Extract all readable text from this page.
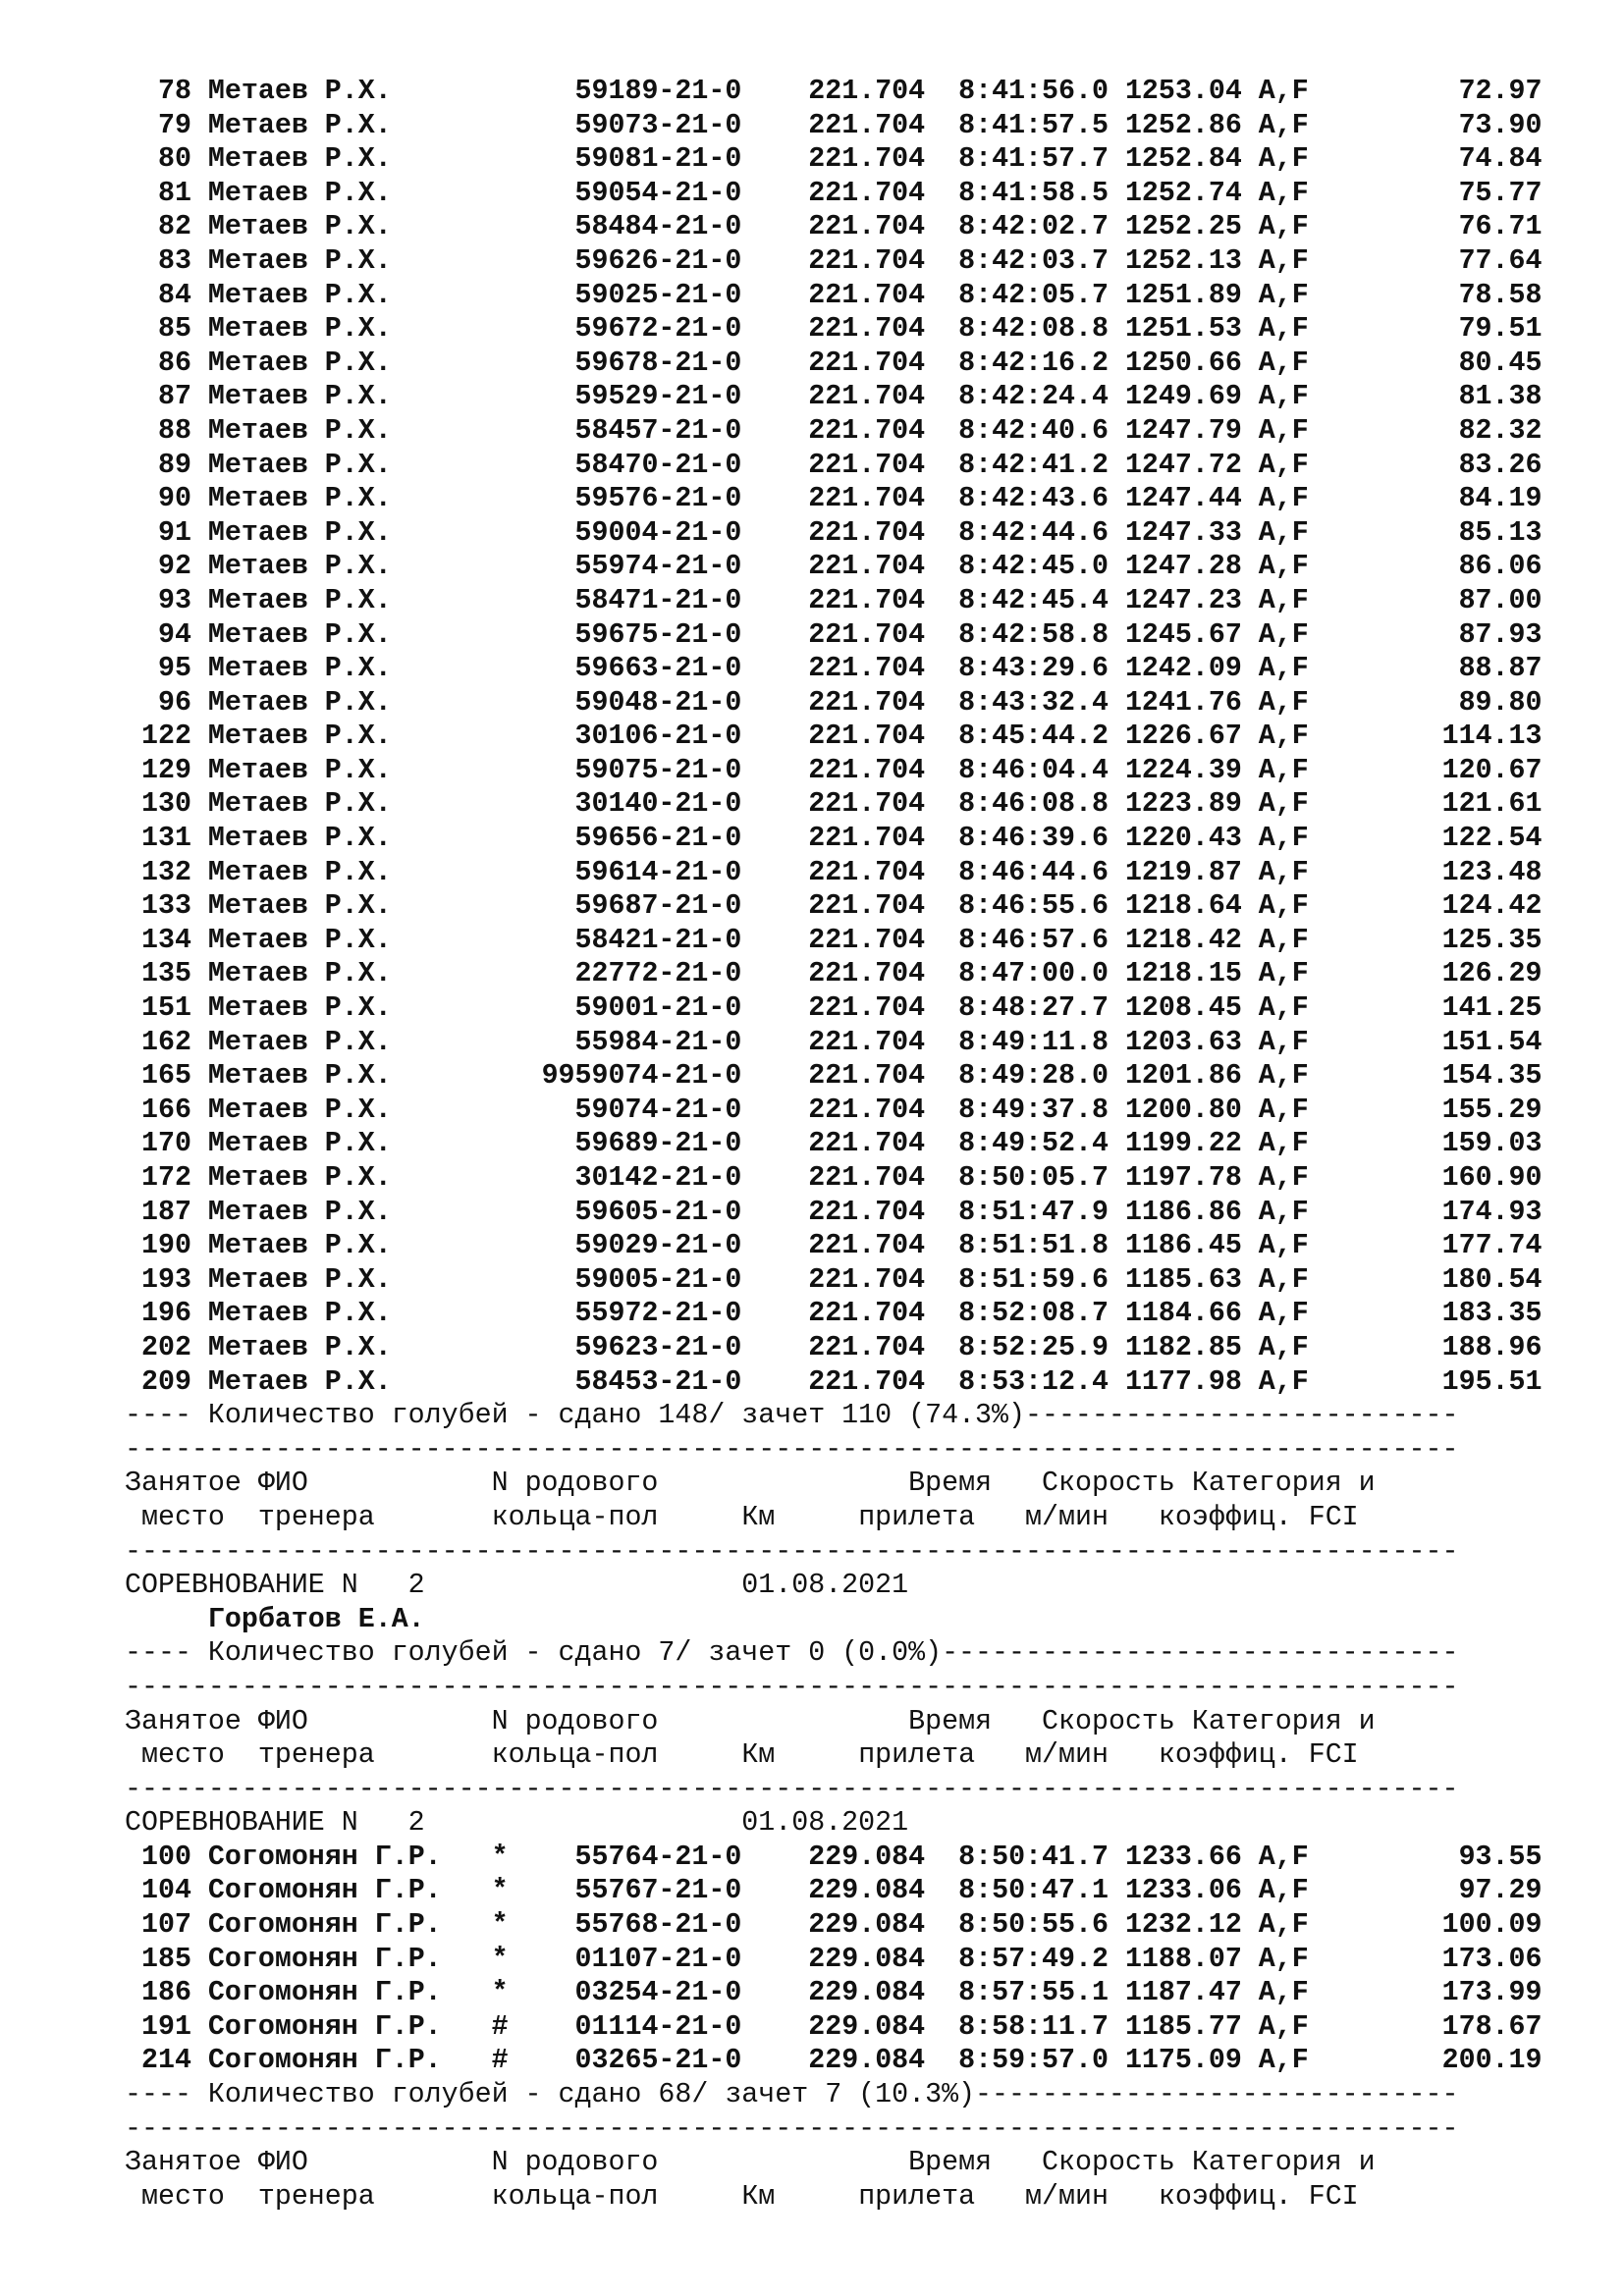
78 Метаев Р.Х.	59189-21-0 221.704 8:41:56.0 1253.04 A,F	72.97
79 Метаев Р.Х.	59073-21-0 221.704 8:41:57.5 1252.86 A,F	73.90
80 Метаев Р.Х.	59081-21-0 221.704 8:41:57.7 1252.84 A,F	74.84
81 Метаев Р.Х.	59054-21-0 221.704 8:41:58.5 1252.74 A,F	75.77
82 Метаев Р.Х.	58484-21-0 221.704 8:42:02.7 1252.25 A,F	76.71
83 Метаев Р.Х.	59626-21-0 221.704 8:42:03.7 1252.13 A,F	77.64
84 Метаев Р.Х.	59025-21-0 221.704 8:42:05.7 1251.89 A,F	78.58
85 Метаев Р.Х.	59672-21-0 221.704 8:42:08.8 1251.53 A,F	79.51
86 Метаев Р.Х.	59678-21-0 221.704 8:42:16.2 1250.66 A,F	80.45
87 Метаев Р.Х.	59529-21-0 221.704 8:42:24.4 1249.69 A,F	81.38
88 Метаев Р.Х.	58457-21-0 221.704 8:42:40.6 1247.79 A,F	82.32
89 Метаев Р.Х.	58470-21-0 221.704 8:42:41.2 1247.72 A,F	83.26
90 Метаев Р.Х.	59576-21-0 221.704 8:42:43.6 1247.44 A,F	84.19
91 Метаев Р.Х.	59004-21-0 221.704 8:42:44.6 1247.33 A,F	85.13
92 Метаев Р.Х.	55974-21-0 221.704 8:42:45.0 1247.28 A,F	86.06
93 Метаев Р.Х.	58471-21-0 221.704 8:42:45.4 1247.23 A,F	87.00
94 Метаев Р.Х.	59675-21-0 221.704 8:42:58.8 1245.67 A,F	87.93
95 Метаев Р.Х.	59663-21-0 221.704 8:43:29.6 1242.09 A,F	88.87
96 Метаев Р.Х.	59048-21-0 221.704 8:43:32.4 1241.76 A,F	89.80
122 Метаев Р.Х.	30106-21-0 221.704 8:45:44.2 1226.67 A,F	114.13
129 Метаев Р.Х.	59075-21-0 221.704 8:46:04.4 1224.39 A,F	120.67
130 Метаев Р.Х.	30140-21-0 221.704 8:46:08.8 1223.89 A,F	121.61
131 Метаев Р.Х.	59656-21-0 221.704 8:46:39.6 1220.43 A,F	122.54
132 Метаев Р.Х.	59614-21-0 221.704 8:46:44.6 1219.87 A,F	123.48
133 Метаев Р.Х.	59687-21-0 221.704 8:46:55.6 1218.64 A,F	124.42
134 Метаев Р.Х.	58421-21-0 221.704 8:46:57.6 1218.42 A,F	125.35
135 Метаев Р.Х.	22772-21-0 221.704 8:47:00.0 1218.15 A,F	126.29
151 Метаев Р.Х.	59001-21-0 221.704 8:48:27.7 1208.45 A,F	141.25
162 Метаев Р.Х.	55984-21-0 221.704 8:49:11.8 1203.63 A,F	151.54
165 Метаев Р.Х.	9959074-21-0 221.704 8:49:28.0 1201.86 A,F	154.35
166 Метаев Р.Х.	59074-21-0 221.704 8:49:37.8 1200.80 A,F	155.29
170 Метаев Р.Х.	59689-21-0 221.704 8:49:52.4 1199.22 A,F	159.03
172 Метаев Р.Х.	30142-21-0 221.704 8:50:05.7 1197.78 A,F	160.90
187 Метаев Р.Х.	59605-21-0 221.704 8:51:47.9 1186.86 A,F	174.93
190 Метаев Р.Х.	59029-21-0 221.704 8:51:51.8 1186.45 A,F	177.74
193 Метаев Р.Х.	59005-21-0 221.704 8:51:59.6 1185.63 A,F	180.54
196 Метаев Р.Х.	55972-21-0 221.704 8:52:08.7 1184.66 A,F	183.35
202 Метаев Р.Х.	59623-21-0 221.704 8:52:25.9 1182.85 A,F	188.96
209 Метаев Р.Х.	58453-21-0 221.704 8:53:12.4 1177.98 A,F	195.51
---- Количество голубей - сдано 148/ зачет 110 (74.3%)--------------------------
--------------------------------------------------------------------------------
Занятое ФИО	N родового	Время Скорость Категория и
место тренера	кольца-пол	Км	прилета м/мин коэффиц. FCI
--------------------------------------------------------------------------------
СОРЕВНОВАНИЕ N   2	01.08.2021
Горбатов Е.А.
---- Количество голубей - сдано 7/ зачет 0 (0.0%)-------------------------------
--------------------------------------------------------------------------------
Занятое ФИО	N родового	Время Скорость Категория и
место тренера	кольца-пол	Км	прилета м/мин коэффиц. FCI
--------------------------------------------------------------------------------
СОРЕВНОВАНИЕ N   2	01.08.2021
100 Согомонян Г.Р. * 55764-21-0 229.084 8:50:41.7 1233.66 A,F	93.55
104 Согомонян Г.Р. * 55767-21-0 229.084 8:50:47.1 1233.06 A,F	97.29
107 Согомонян Г.Р. * 55768-21-0 229.084 8:50:55.6 1232.12 A,F	100.09
185 Согомонян Г.Р. * 01107-21-0 229.084 8:57:49.2 1188.07 A,F	173.06
186 Согомонян Г.Р. * 03254-21-0 229.084 8:57:55.1 1187.47 A,F	173.99
191 Согомонян Г.Р. # 01114-21-0 229.084 8:58:11.7 1185.77 A,F	178.67
214 Согомонян Г.Р. # 03265-21-0 229.084 8:59:57.0 1175.09 A,F	200.19
---- Количество голубей - сдано 68/ зачет 7 (10.3%)-----------------------------
--------------------------------------------------------------------------------
Занятое ФИО	N родового	Время Скорость Категория и
место тренера	кольца-пол	Км	прилета м/мин коэффиц. FCI
